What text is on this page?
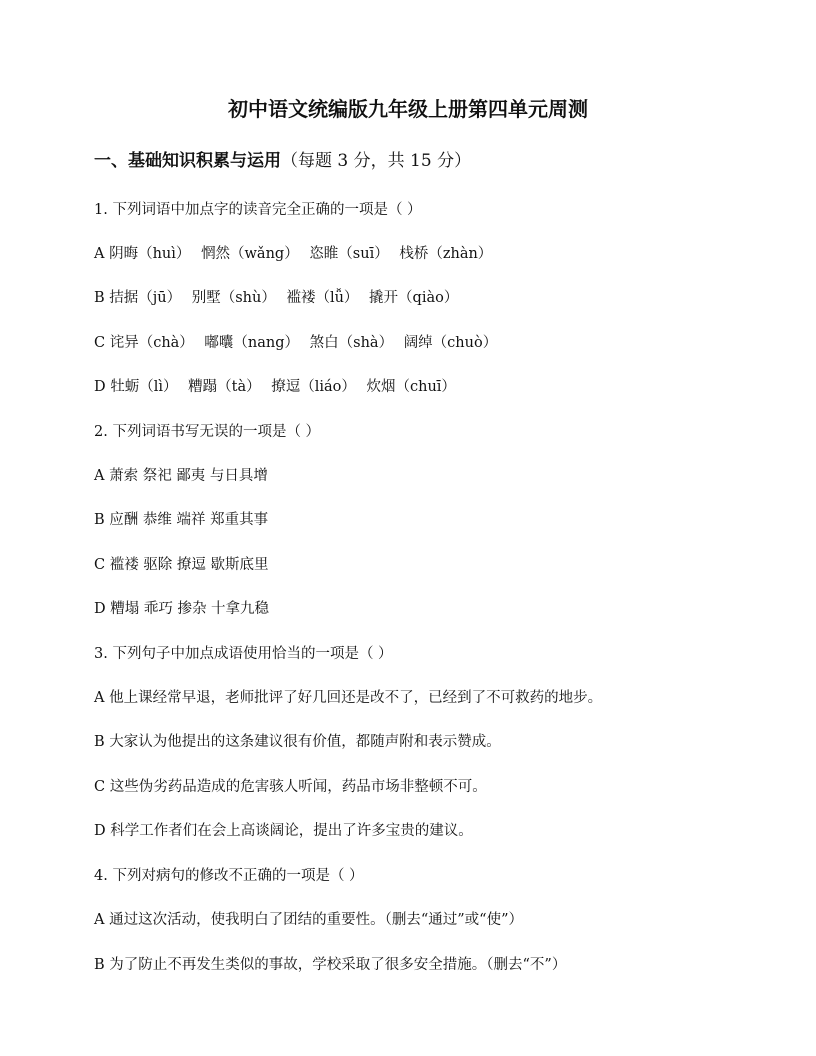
初中语文统编版九年级上册第四单元周测
一、基础知识积累与运用（每题 3 分，共 15 分）
1. 下列词语中加点字的读音完全正确的一项是（ ）
A 阴晦（huì） 惘然（wǎng） 恣睢（suī） 栈桥（zhàn）
B 拮据（jū） 别墅（shù） 褴褛（lǚ） 撬开（qiào）
C 诧异（chà） 嘟囔（nang） 煞白（shà） 阔绰（chuò）
D 牡蛎（lì） 糟蹋（tà） 撩逗（liáo） 炊烟（chuī）
2. 下列词语书写无误的一项是（ ）
A 萧索 祭祀 鄙夷 与日具增
B 应酬 恭维 端祥 郑重其事
C 褴褛 驱除 撩逗 歇斯底里
D 糟塌 乖巧 掺杂 十拿九稳
3. 下列句子中加点成语使用恰当的一项是（ ）
A 他上课经常早退，老师批评了好几回还是改不了，已经到了不可救药的地步。
B 大家认为他提出的这条建议很有价值，都随声附和表示赞成。
C 这些伪劣药品造成的危害骇人听闻，药品市场非整顿不可。
D 科学工作者们在会上高谈阔论，提出了许多宝贵的建议。
4. 下列对病句的修改不正确的一项是（ ）
A 通过这次活动，使我明白了团结的重要性。（删去“通过”或“使”）
B 为了防止不再发生类似的事故，学校采取了很多安全措施。（删去“不”）
